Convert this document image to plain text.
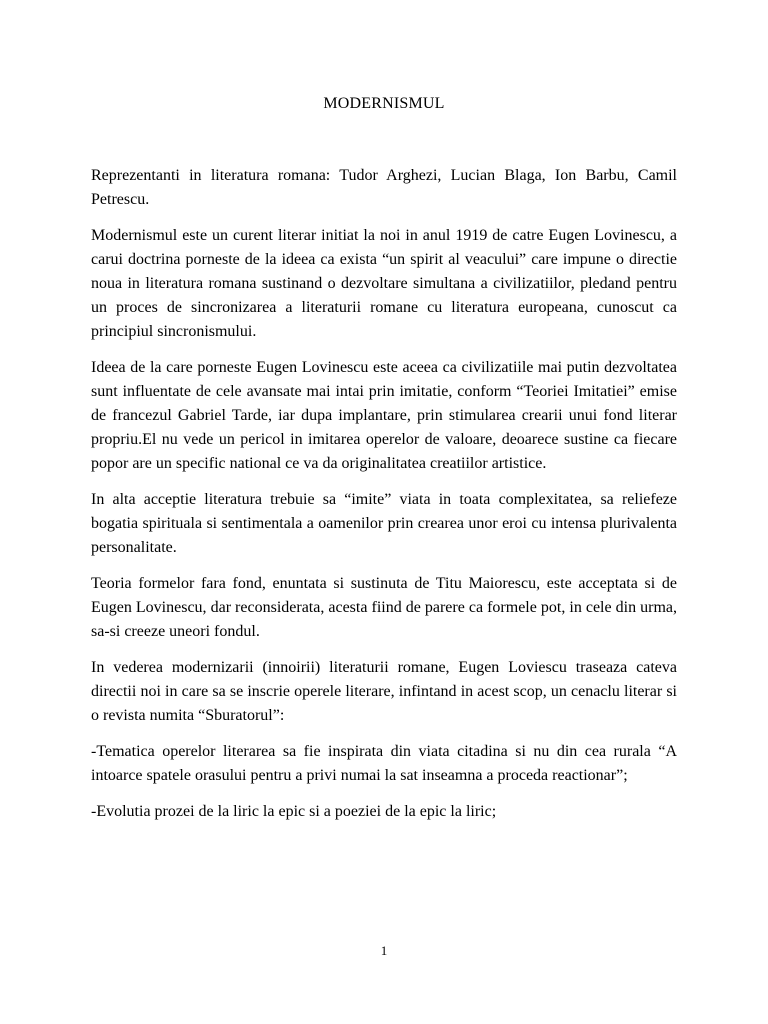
MODERNISMUL

Reprezentanti in literatura romana: Tudor Arghezi, Lucian Blaga, Ion Barbu, Camil Petrescu.

Modernismul este un curent literar initiat la noi in anul 1919 de catre Eugen Lovinescu, a carui doctrina porneste de la ideea ca exista “un spirit al veacului” care impune o directie noua in literatura romana sustinand o dezvoltare simultana a civilizatiilor, pledand pentru un proces de sincronizarea a literaturii romane cu literatura europeana, cunoscut ca principiul sincronismului.

Ideea de la care porneste Eugen Lovinescu este aceea ca civilizatiile mai putin dezvoltatea sunt influentate de cele avansate mai intai prin imitatie, conform “Teoriei Imitatiei” emise de francezul Gabriel Tarde, iar dupa implantare, prin stimularea crearii unui fond literar propriu.El nu vede un pericol in imitarea operelor de valoare, deoarece sustine ca fiecare popor are un specific national ce va da originalitatea creatiilor artistice.

In alta acceptie literatura trebuie sa “imite” viata in toata complexitatea, sa reliefeze bogatia spirituala si sentimentala a oamenilor prin crearea unor eroi cu intensa plurivalenta personalitate.

Teoria formelor fara fond, enuntata si sustinuta de Titu Maiorescu, este acceptata si de Eugen Lovinescu, dar reconsiderata, acesta fiind de parere ca formele pot, in cele din urma, sa-si creeze uneori fondul.

In vederea modernizarii (innoirii) literaturii romane, Eugen Loviescu traseaza cateva directii noi in care sa se inscrie operele literare, infintand in acest scop, un cenaclu literar si o revista numita “Sburatorul”:

-Tematica operelor literarea sa fie inspirata din viata citadina si nu din cea rurala “A intoarce spatele orasului pentru a privi numai la sat inseamna a proceda reactionar”;

-Evolutia prozei de la liric la epic si a poeziei de la epic la liric;

1
